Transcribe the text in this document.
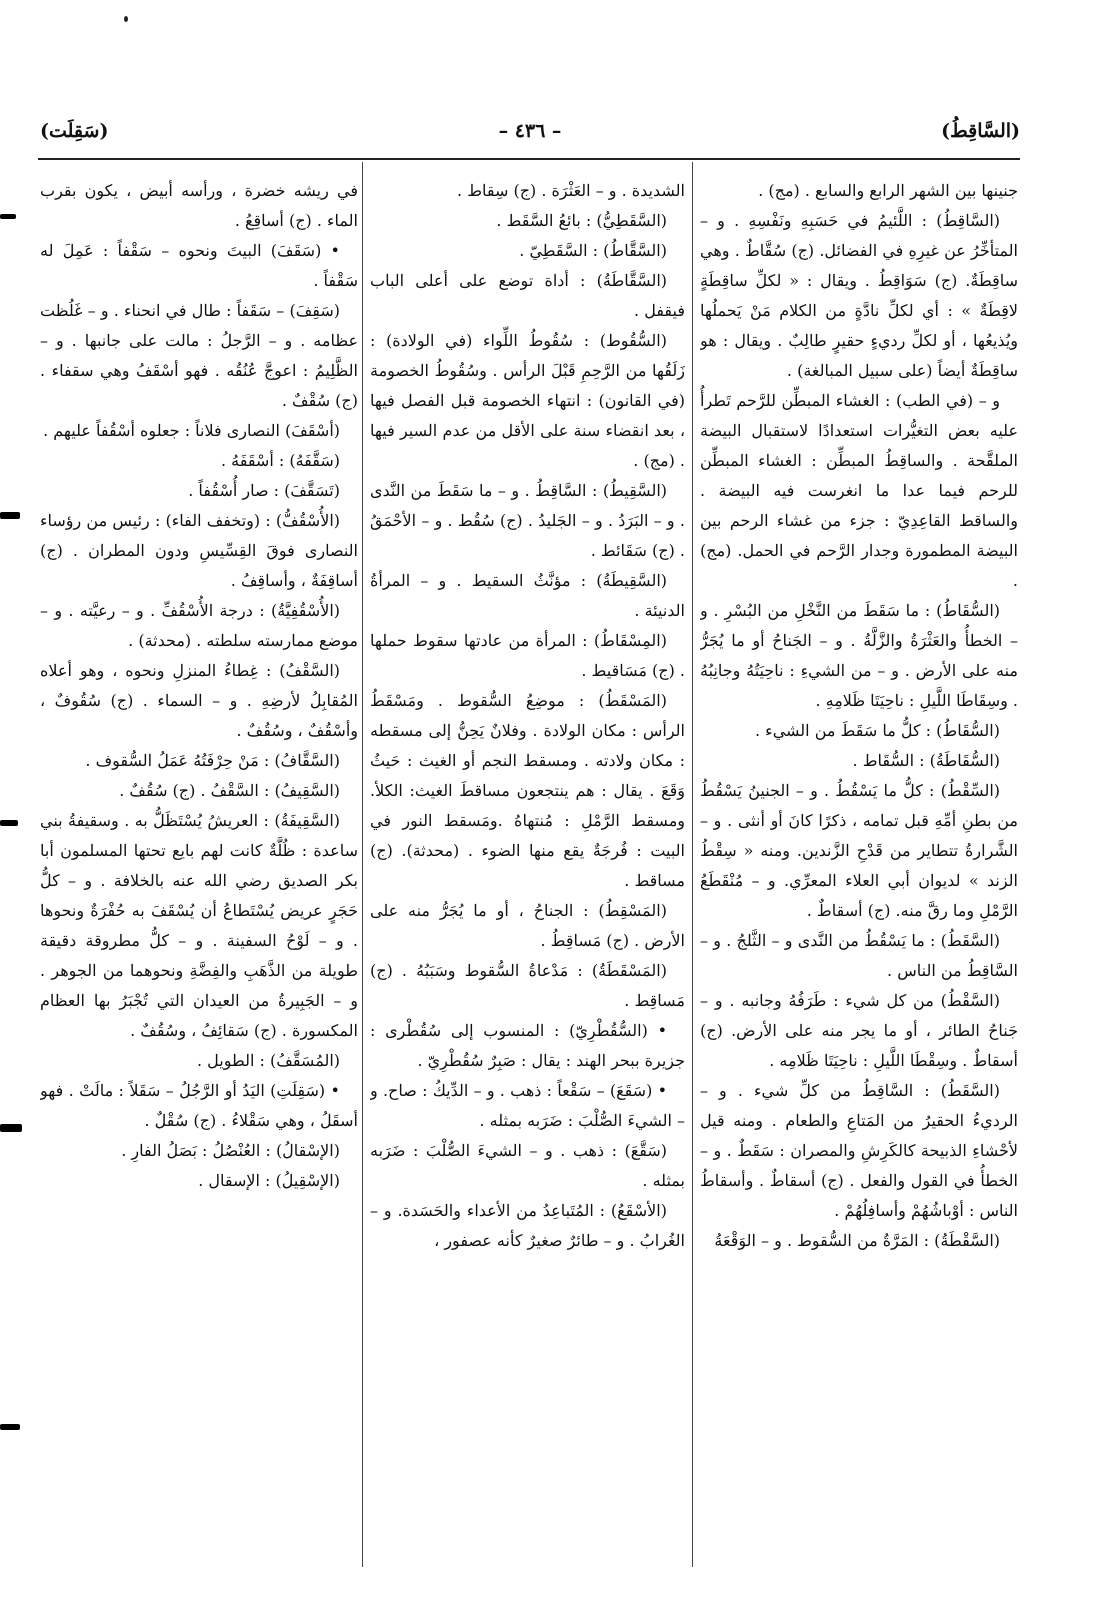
(السَّاقِطُ)
– ٤٣٦ –
(سَقِلَت)

جنينها بين الشهر الرابع والسابع . (مج) .

(السَّاقِطُ) : اللَّئيمُ في حَسَبِهِ ونَفْسِهِ . و – المتأخِّرُ عن غيرِهِ في الفضائل. (ج) سُقَّاطٌ . وهي ساقِطَةٌ. (ج) سَوَاقِطُ . ويقال : « لكلِّ ساقِطَةٍ لاقِطَةٌ » : أي لكلِّ نادَّةٍ من الكلام مَنْ يَحملُها ويُذيعُها ، أو لكلِّ رديءٍ حقيرٍ طالِبٌ . ويقال : هو ساقِطَةٌ أيضاً (على سبيل المبالغة) .

و – (في الطب) : الغشاء المبطِّن للرَّحم تَطرأُ عليه بعض التغيُّرات استعدادًا لاستقبال البيضة الملقَّحة . والساقِطُ المبطِّن : الغشاء المبطِّن للرحم فيما عدا ما انغرست فيه البيضة . والساقط القاعِدِيّ : جزء من غشاء الرحم بين البيضة المطمورة وجدار الرَّحم في الحمل. (مج) .

(السُّقَاطُ) : ما سَقَطَ من النَّخْلِ من البُسْرِ . و – الخطأُ والعَثْرَةُ والزَّلَّةُ . و – الجَناحُ أو ما يُجَرُّ منه على الأرض . و – من الشيءِ : ناحِيَتُهُ وجانِبُهُ . وسِقَاطَا اللَّيلِ : ناحِيَتَا ظَلامِهِ .

(السُّقَاطُ) : كلُّ ما سَقَطَ من الشيء .

(السُّقَاطَةُ) : السُّقَاط .

(السِّقْطُ) : كلُّ ما يَسْقُطُ . و – الجنينُ يَسْقُطُ من بطنِ أمِّهِ قبل تمامه ، ذكرًا كانَ أو أنثى . و – الشَّرارةُ تتطاير من قَدْحِ الزَّندين. ومنه « سِقْطُ الزند » لديوان أبي العلاء المعرِّي. و – مُنْقَطَعُ الرَّمْلِ وما رقَّ منه. (ج) أسقاطٌ .

(السَّقَطُ) : ما يَسْقُطُ من النَّدى و – الثَّلجُ . و – السَّاقِطُ من الناس .

(السَّقْطُ) من كل شيء : طَرَفُهُ وجانبه . و – جَناحُ الطائر ، أو ما يجر منه على الأرض. (ج) أسقاطٌ . وسِقْطَا اللَّيلِ : ناحِيَتَا ظَلامِه .

(السَّقَطُ) : السَّاقِطُ من كلِّ شيء . و – الرديءُ الحقيرُ من المَتاعِ والطعام . ومنه قيل لأحْشاءِ الذبيحة كالكَرِشِ والمصران : سَقَطٌ . و – الخطأُ في القول والفعل . (ج) أسقاطٌ . وأسقاطُ الناس : أوْباشُهُمْ وأسافِلُهُمْ .

(السَّقْطَةُ) : المَرَّةُ من السُّقوط . و – الوَقْعَةُ

الشديدة . و – العَثْرَة . (ج) سِقاط .

(السَّقَطِيُّ) : بائعُ السَّقَط .

(السَّقَّاطُ) : السَّقَطِيّ .

(السَّقَّاطَةُ) : أداة توضع على أعلى الباب فيقفل .

(السُّقُوط) : سُقُوطُ اللِّواء (في الولادة) : زَلَقُها من الرَّحِمِ قَبْلَ الرأس . وسُقُوطُ الخصومة (في القانون) : انتهاء الخصومة قبل الفصل فيها ، بعد انقضاء سنة على الأقل من عدم السير فيها . (مج) .

(السَّقِيطُ) : السَّاقِطُ . و – ما سَقَطَ من النَّدى . و – البَرَدُ . و – الجَليدُ . (ج) سُقُط . و – الأحْمَقُ . (ج) سَقَائط .

(السَّقِيطَةُ) : مؤنَّثُ السقيط . و – المرأةُ الدنيئة .

(المِسْقَاطُ) : المرأة من عادتها سقوط حملها . (ج) مَسَاقيط .

(المَسْقَطُ) : موضِعُ السُّقوط . ومَسْقَطُ الرأس : مكان الولادة . وفلانٌ يَحِنُّ إلى مسقطه : مكان ولادته . ومسقط النجم أو الغيث : حَيثُ وَقَعَ . يقال : هم ينتجعون مساقطَ الغيث: الكلأ. ومسقط الرَّمْلِ : مُنتهاهُ .ومَسقط النور في البيت : فُرجَةٌ يقع منها الضوء . (محدثة). (ج) مساقط .

(المَسْقِطُ) : الجناحُ ، أو ما يُجَرُّ منه على الأرض . (ج) مَساقِطُ .

(المَسْقَطَةُ) : مَدْعاةُ السُّقوط وسَبَبُهُ . (ج) مَساقِط .

• (السُّقُطْرِيّ) : المنسوب إلى سُقُطْرى : جزيرة ببحر الهند : يقال : صَبِرٌ سُقُطْرِيّ .

• (سَقَعَ) – سَقْعاً : ذهب . و – الدِّيكُ : صاح. و – الشيءَ الصُّلْبَ : ضَرَبه بمثله .

(سَقَّعَ) : ذهب . و – الشيءَ الصُّلْبَ : ضَرَبه بمثله .

(الأسْقَعُ) : المُتَباعِدُ من الأعداء والحَسَدة. و – الغُرابُ . و – طائرٌ صغيرٌ كأنه عصفور ،

في ريشه خضرة ، ورأسه أبيض ، يكون بقرب الماء . (ج) أساقِعُ .

• (سَقَفَ) البيتَ ونحوه – سَقْفاً : عَمِلَ له سَقْفاً .

(سَقِفَ) – سَقَفاً : طال في انحناء . و – غَلُظت عظامه . و – الرَّجلُ : مالت على جانبها . و – الظَّلِيمُ : اعوجَّ عُنُقُه . فهو أسْقَفُ وهي سقفاء . (ج) سُقْفٌ .

(أسْقَفَ) النصارى فلاناً : جعلوه أسْقُفاً عليهم .

(سَقَّفَهُ) : أسْقَفَهُ .

(تَسَقَّفَ) : صار أُسْقُفاً .

(الأُسْقُفُّ) : (وتخفف الفاء) : رئيس من رؤساء النصارى فوقَ القِسِّيسِ ودون المطران . (ج) أساقِفَةٌ ، وأساقِفُ .

(الأُسْقُفِيَّةُ) : درجة الأُسْقُفِّ . و – رعيَّته . و – موضع ممارسته سلطته . (محدثة) .

(السَّقْفُ) : غِطاءُ المنزلِ ونحوه ، وهو أعلاه المُقابِلُ لأرضِهِ . و – السماء . (ج) سُقُوفٌ ، وأسْقُفٌ ، وسُقُفٌ .

(السَّقَّافُ) : مَنْ حِرْفَتُهُ عَمَلُ السُّقوف .

(السَّقِيفُ) : السَّقْفُ . (ج) سُقُفٌ .

(السَّقِيفَةُ) : العريشُ يُسْتَظَلُّ به . وسقيفةُ بني ساعدة : ظُلَّةٌ كانت لهم بايع تحتها المسلمون أبا بكر الصديق رضي الله عنه بالخلافة . و – كلُّ حَجَرٍ عريض يُسْتَطاعُ أن يُسْقَفَ به حُفْرَةٌ ونحوها . و – لَوْحُ السفينة . و – كلُّ مطروقة دقيقة طويلة من الذَّهَبِ والفِضَّةِ ونحوهما من الجوهر . و – الجَبِيرةُ من العيدان التي تُجْبَرُ بها العظام المكسورة . (ج) سَقائِفُ ، وسُقُفٌ .

(المُسَقَّفُ) : الطويل .

• (سَقِلَتِ) اليَدُ أو الرَّجُلُ – سَقَلاً : مالَتْ . فهو أسقَلُ ، وهي سَقْلاءُ . (ج) سُقْلٌ .

(الإسْقالُ) : العُنْصُلُ : بَصَلُ الفارِ .

(الإسْقِيلُ) : الإسقال .
